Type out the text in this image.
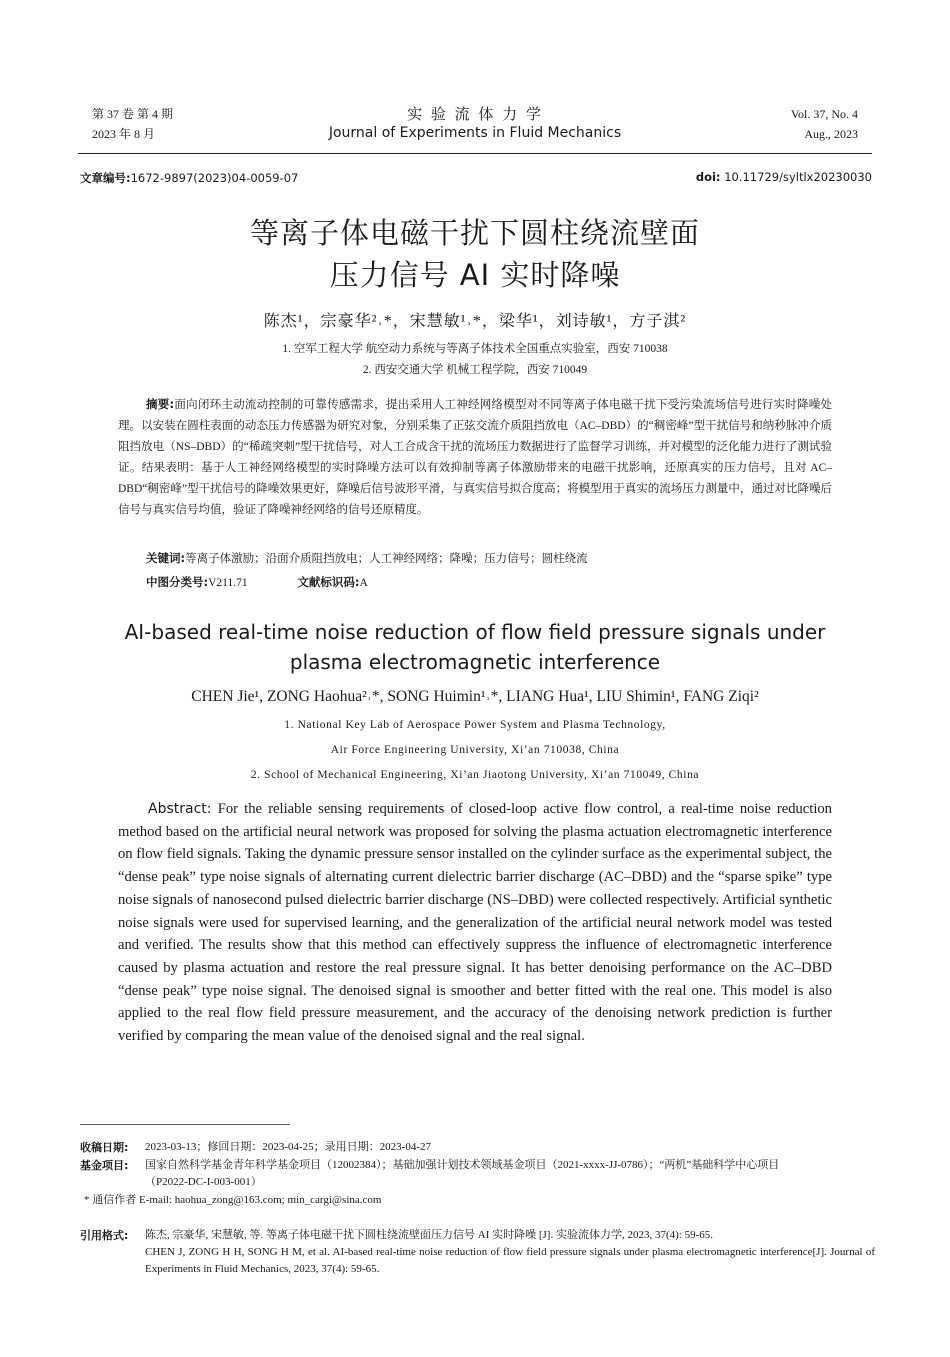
第 37 卷 第 4 期
2023 年 8 月
实 验 流 体 力 学
Journal of Experiments in Fluid Mechanics
Vol. 37, No. 4
Aug., 2023
文章编号:1672-9897(2023)04-0059-07	doi: 10.11729/syltlx20230030
等离子体电磁干扰下圆柱绕流壁面
压力信号 AI 实时降噪
陈杰¹，宗豪华²˒*，宋慧敏¹˒*，梁华¹，刘诗敏¹，方子淇²
1. 空军工程大学 航空动力系统与等离子体技术全国重点实验室，西安 710038
2. 西安交通大学 机械工程学院，西安 710049
摘要:面向闭环主动流动控制的可靠传感需求，提出采用人工神经网络模型对不同等离子体电磁干扰下受污染流场信号进行实时降噪处理。以安装在圆柱表面的动态压力传感器为研究对象，分别采集了正弦交流介质阻挡放电（AC–DBD）的“稠密峰”型干扰信号和纳秒脉冲介质阻挡放电（NS–DBD）的“稀疏突刺”型干扰信号，对人工合成含干扰的流场压力数据进行了监督学习训练，并对模型的泛化能力进行了测试验证。结果表明：基于人工神经网络模型的实时降噪方法可以有效抑制等离子体激励带来的电磁干扰影响，还原真实的压力信号，且对 AC–DBD“稠密峰”型干扰信号的降噪效果更好，降噪后信号波形平滑，与真实信号拟合度高；将模型用于真实的流场压力测量中，通过对比降噪后信号与真实信号均值，验证了降噪神经网络的信号还原精度。
关键词:等离子体激励；沿面介质阻挡放电；人工神经网络；降噪；压力信号；圆柱绕流
中图分类号:V211.71	文献标识码:A
AI-based real-time noise reduction of flow field pressure signals under
plasma electromagnetic interference
CHEN Jie¹, ZONG Haohua²˒*, SONG Huimin¹˒*, LIANG Hua¹, LIU Shimin¹, FANG Ziqi²
1. National Key Lab of Aerospace Power System and Plasma Technology,
Air Force Engineering University, Xi’an 710038, China
2. School of Mechanical Engineering, Xi’an Jiaotong University, Xi’an 710049, China
Abstract: For the reliable sensing requirements of closed-loop active flow control, a real-time noise reduction method based on the artificial neural network was proposed for solving the plasma actuation electromagnetic interference on flow field signals. Taking the dynamic pressure sensor installed on the cylinder surface as the experimental subject, the “dense peak” type noise signals of alternating current dielectric barrier discharge (AC–DBD) and the “sparse spike” type noise signals of nanosecond pulsed dielectric barrier discharge (NS–DBD) were collected respectively. Artificial synthetic noise signals were used for supervised learning, and the generalization of the artificial neural network model was tested and verified. The results show that this method can effectively suppress the influence of electromagnetic interference caused by plasma actuation and restore the real pressure signal. It has better denoising performance on the AC–DBD “dense peak” type noise signal. The denoised signal is smoother and better fitted with the real one. This model is also applied to the real flow field pressure measurement, and the accuracy of the denoising network prediction is further verified by comparing the mean value of the denoised signal and the real signal.
收稿日期: 2023-03-13；修回日期：2023-04-25；录用日期：2023-04-27
基金项目: 国家自然科学基金青年科学基金项目（12002384）；基础加强计划技术领域基金项目（2021-xxxx-JJ-0786）；“两机”基础科学中心项目
（P2022-DC-I-003-001）
* 通信作者 E-mail: haohua_zong@163.com; min_cargi@sina.com
引用格式: 陈杰, 宗豪华, 宋慧敏, 等. 等离子体电磁干扰下圆柱绕流壁面压力信号 AI 实时降噪 [J]. 实验流体力学, 2023, 37(4): 59-65.
CHEN J, ZONG H H, SONG H M, et al. AI-based real-time noise reduction of flow field pressure signals under plasma electromagnetic interference[J]. Journal of Experiments in Fluid Mechanics, 2023, 37(4): 59-65.
